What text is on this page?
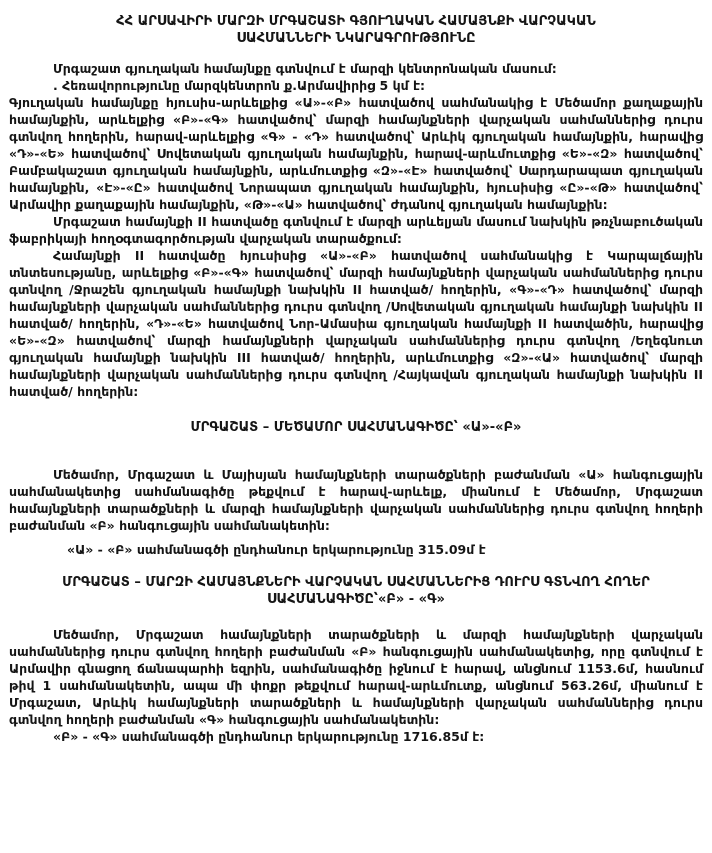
ՀՀ ԱՐՍԱՎԻՐԻ ՄԱՐԶԻ ՄՐԳԱՇԱՏԻ ԳՅՈՒՂԱԿԱՆ ՀԱՄԱՅՆՔԻ ՎԱՐՉԱԿԱՆ
ՍԱՀՄԱՆՆԵՐԻ ՆԿԱՐԱԳՐՈՒԹՅՈՒՆԸ

Մրգաշատ գյուղական համայնքը գտնվում է մարզի կենտրոնական մասում:

. Հեռավորությունը մարզկենտրոն ք.Արմավիրից 5 կմ է:

Գյուղական համայնքը հյուսիս-արևելքից «Ա»-«Բ» հատվածով սահմանակից է Մեծամոր քաղաքային համայնքին, արևելքից «Բ»-«Գ» հատվածով՝ մարզի համայնքների վարչական սահմաններից դուրս գտնվող հողերին, հարավ-արևելքից «Գ» - «Դ» հատվածով՝ Արևիկ գյուղական համայնքին, հարավից «Դ»-«Ե» հատվածով՝ Սովետական գյուղական համայնքին, հարավ-արևմուտքից «Ե»-«Զ» հատվածով՝ Բամբակաշատ գյուղական համայնքին, արևմուտքից «Զ»-«Է» հատվածով՝ Սարդարապատ գյուղական համայնքին, «Է»-«Ը» հատվածով Նորապատ գյուղական համայնքին, հյուսիսից «Ը»-«Թ» հատվածով՝ Արմավիր քաղաքային համայնքին, «Թ»-«Ա» հատվածով՝ ժդանով գյուղական համայնքին:

Մրգաշատ համայնքի II հատվածը գտնվում է մարզի արևելյան մասում նախկին թռչնաբուծական ֆաբրիկայի հողօգտագործության վարչական տարածքում:

Համայնքի II հատվածը հյուսիսից «Ա»-«Բ» հատվածով սահմանակից է Կարպալճային տնտեսությանը, արևելքից «Բ»-«Գ» հատվածով՝ մարզի համայնքների վարչական սահմաններից դուրս գտնվող /Ջրաշեն գյուղական համայնքի նախկին II հատված/ հողերին, «Գ»-«Դ» հատվածով՝ մարզի համայնքների վարչական սահմաններից դուրս գտնվող /Սովետական գյուղական համայնքի նախկին II հատված/ հողերին, «Դ»-«Ե» հատվածով Նոր-Ամասիա գյուղական համայնքի II հատվածին, հարավից «Ե»-«Զ» հատվածով՝ մարզի համայնքների վարչական սահմաններից դուրս գտնվող /Եղեգնուտ գյուղական համայնքի նախկին III հատված/ հողերին, արևմուտքից «Զ»-«Ա» հատվածով՝ մարզի համայնքների վարչական սահմաններից դուրս գտնվող /Հայկավան գյուղական համայնքի նախկին II հատված/ հողերին:

ՄՐԳԱՇԱՏ – ՄԵԾԱՄՈՐ ՍԱՀՄԱՆԱԳԻԾԸ՝ «Ա»-«Բ»

Մեծամոր, Մրգաշատ և Մայիսյան համայնքների տարածքների բաժանման «Ա» հանգուցային սահմանակետից սահմանագիծը թեքվում է հարավ-արևելք, միանում է Մեծամոր, Մրգաշատ համայնքների տարածքների և մարզի համայնքների վարչական սահմաններից դուրս գտնվող հողերի բաժանման «Բ» հանգուցային սահմանակետին:

«Ա» - «Բ» սահմանագծի ընդհանուր երկարությունը 315.09մ է

ՄՐԳԱՇԱՏ – ՄԱՐԶԻ ՀԱՄԱՅՆՔՆԵՐԻ ՎԱՐՉԱԿԱՆ ՍԱՀՄԱՆՆԵՐԻՑ ԴՈՒՐՍ ԳՏՆՎՈՂ ՀՈՂԵՐ
ՍԱՀՄԱՆԱԳԻԾԸ՝«Բ» - «Գ»

Մեծամոր, Մրգաշատ համայնքների տարածքների և մարզի համայնքների վարչական սահմաններից դուրս գտնվող հողերի բաժանման «Բ» հանգուցային սահմանակետից, որը գտնվում է Արմավիր գնացող ճանապարհի եզրին, սահմանագիծը իջնում է հարավ, անցնում 1153.6մ, հասնում թիվ 1 սահմանակետին, ապա մի փոքր թեքվում հարավ-արևմուտք, անցնում 563.26մ, միանում է Մրգաշատ, Արևիկ համայնքների տարածքների և համայնքների վարչական սահմաններից դուրս գտնվող հողերի բաժանման «Գ» հանգուցային սահմանակետին:

«Բ» - «Գ» սահմանագծի ընդհանուր երկարությունը 1716.85մ է:
